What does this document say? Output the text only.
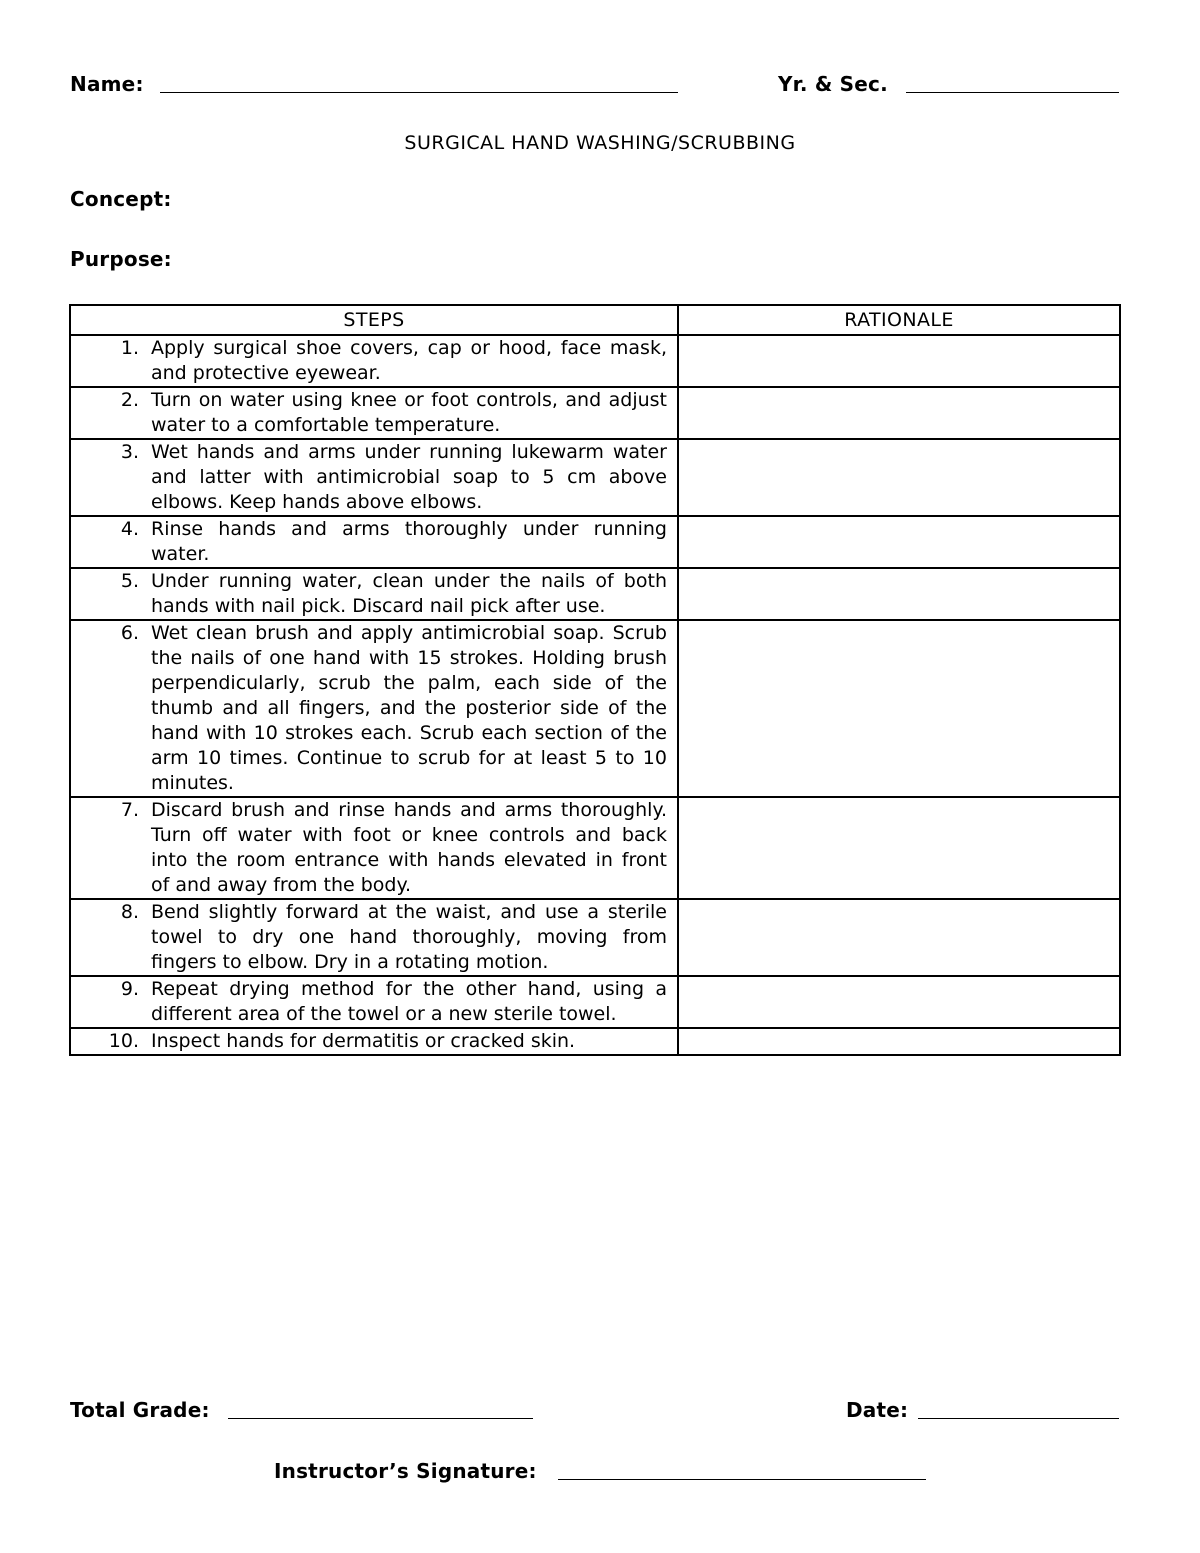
Name:	Yr. & Sec.
SURGICAL HAND WASHING/SCRUBBING
Concept:
Purpose:
STEPS	RATIONALE

1. Apply surgical shoe covers, cap or hood, face mask, and protective eyewear.	

2. Turn on water using knee or foot controls, and adjust water to a comfortable temperature.	

3. Wet hands and arms under running lukewarm water and latter with antimicrobial soap to 5 cm above elbows. Keep hands above elbows.	

4. Rinse hands and arms thoroughly under running water.	

5. Under running water, clean under the nails of both hands with nail pick. Discard nail pick after use.	

6. Wet clean brush and apply antimicrobial soap. Scrub the nails of one hand with 15 strokes. Holding brush perpendicularly, scrub the palm, each side of the thumb and all fingers, and the posterior side of the hand with 10 strokes each. Scrub each section of the arm 10 times. Continue to scrub for at least 5 to 10 minutes.	

7. Discard brush and rinse hands and arms thoroughly. Turn off water with foot or knee controls and back into the room entrance with hands elevated in front of and away from the body.	

8. Bend slightly forward at the waist, and use a sterile towel to dry one hand thoroughly, moving from fingers to elbow. Dry in a rotating motion.	

9. Repeat drying method for the other hand, using a different area of the towel or a new sterile towel.	

10. Inspect hands for dermatitis or cracked skin.	

Total Grade:	Date:
Instructor’s Signature:
